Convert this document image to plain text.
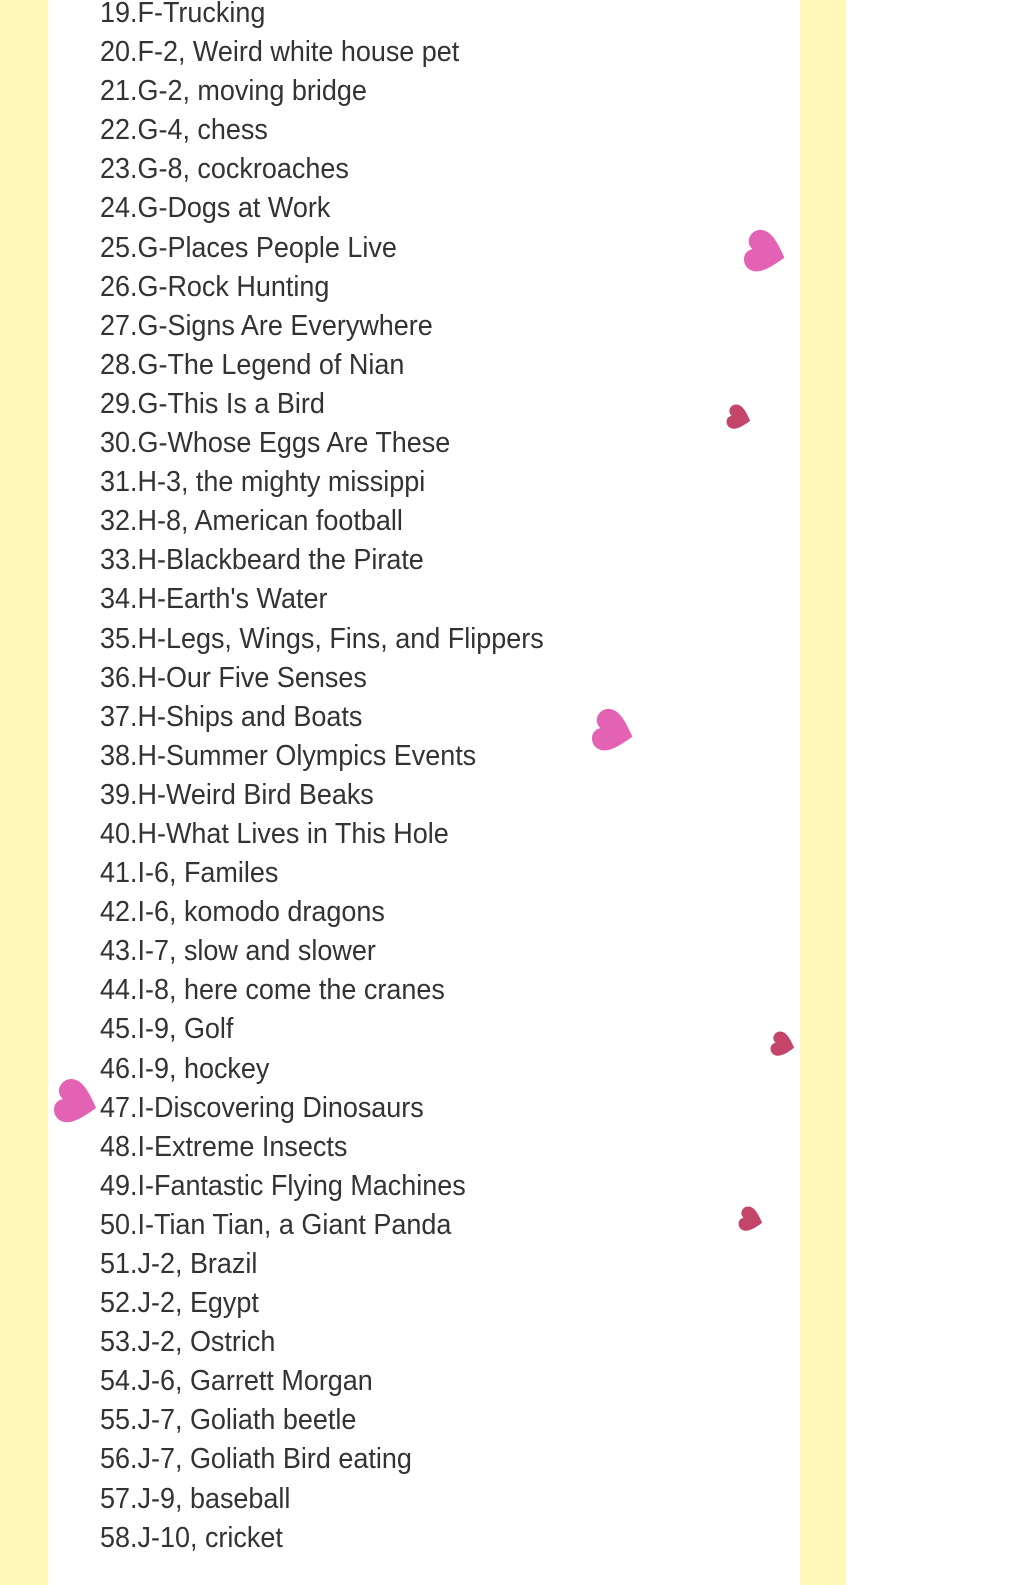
19.F-Trucking
20.F-2, Weird white house pet
21.G-2, moving bridge
22.G-4, chess
23.G-8, cockroaches
24.G-Dogs at Work
25.G-Places People Live
26.G-Rock Hunting
27.G-Signs Are Everywhere
28.G-The Legend of Nian
29.G-This Is a Bird
30.G-Whose Eggs Are These
31.H-3, the mighty missippi
32.H-8, American football
33.H-Blackbeard the Pirate
34.H-Earth's Water
35.H-Legs, Wings, Fins, and Flippers
36.H-Our Five Senses
37.H-Ships and Boats
38.H-Summer Olympics Events
39.H-Weird Bird Beaks
40.H-What Lives in This Hole
41.I-6, Familes
42.I-6, komodo dragons
43.I-7, slow and slower
44.I-8, here come the cranes
45.I-9, Golf
46.I-9, hockey
47.I-Discovering Dinosaurs
48.I-Extreme Insects
49.I-Fantastic Flying Machines
50.I-Tian Tian, a Giant Panda
51.J-2, Brazil
52.J-2, Egypt
53.J-2, Ostrich
54.J-6, Garrett Morgan
55.J-7, Goliath beetle
56.J-7, Goliath Bird eating
57.J-9, baseball
58.J-10, cricket
